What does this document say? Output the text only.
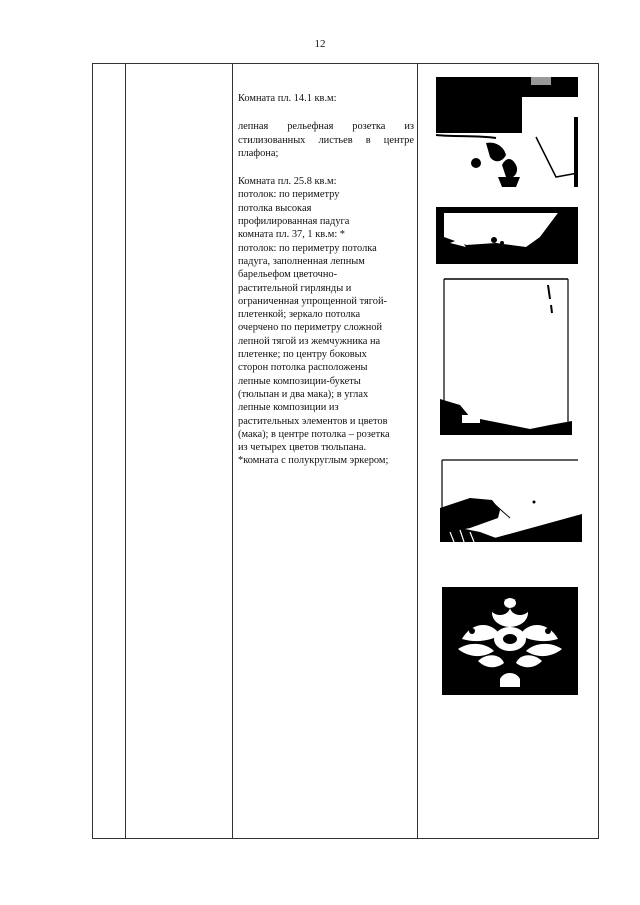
12

Комната пл. 14.1 кв.м:

лепная рельефная розетка из

стилизованных листьев в центре

плафона;

Комната пл. 25.8 кв.м:

потолок: по периметру

потолка высокая

профилированная падуга

комната пл. 37, 1 кв.м: *

потолок: по периметру потолка

падуга, заполненная лепным

барельефом цветочно-

растительной гирлянды и

ограниченная упрощенной тягой-

плетенкой; зеркало потолка

очерчено по периметру сложной

лепной тягой из жемчужника на

плетенке; по центру боковых

сторон потолка расположены

лепные композиции-букеты

(тюльпан и два мака); в углах

лепные композиции из

растительных элементов и цветов

(мака); в центре потолка – розетка

из четырех цветов тюльпана.

*комната с полукруглым эркером;
